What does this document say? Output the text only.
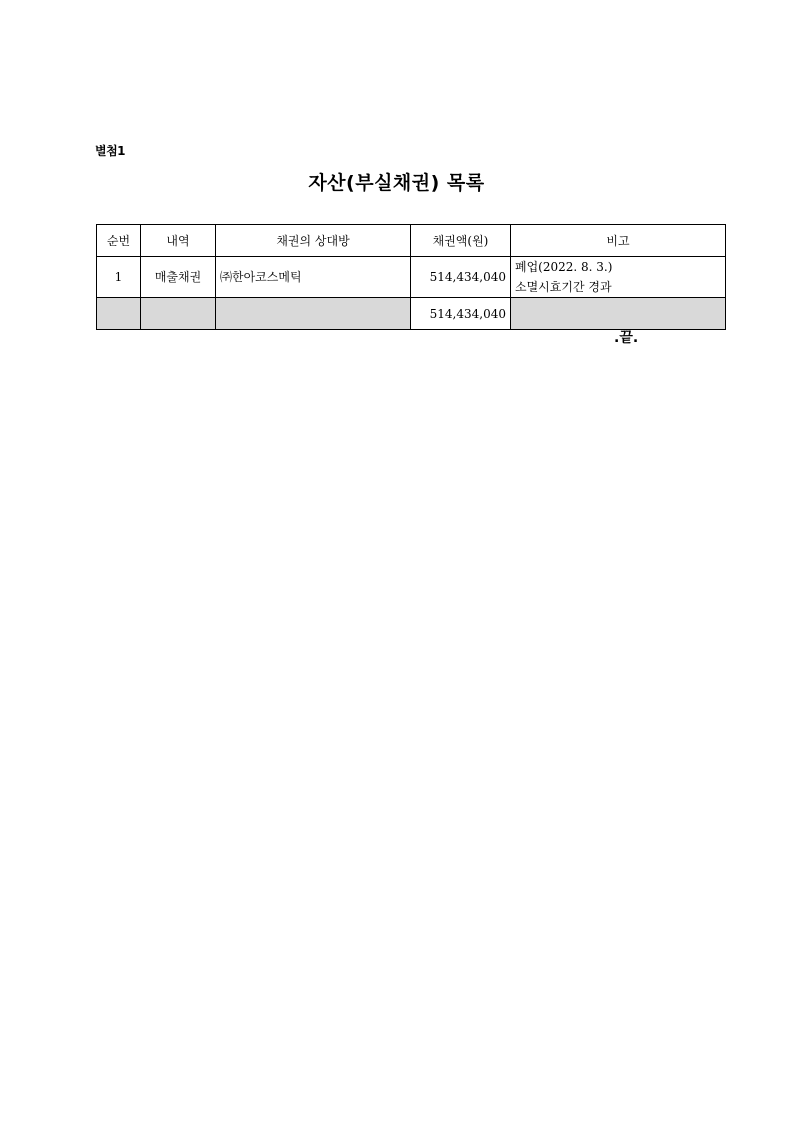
별첨1
자산(부실채권) 목록
순번	내역	채권의 상대방	채권액(원)	비고
1	매출채권	㈜한아코스메틱	514,434,040	폐업(2022. 8. 3.)
소멸시효기간 경과

			514,434,040	
.끝.
